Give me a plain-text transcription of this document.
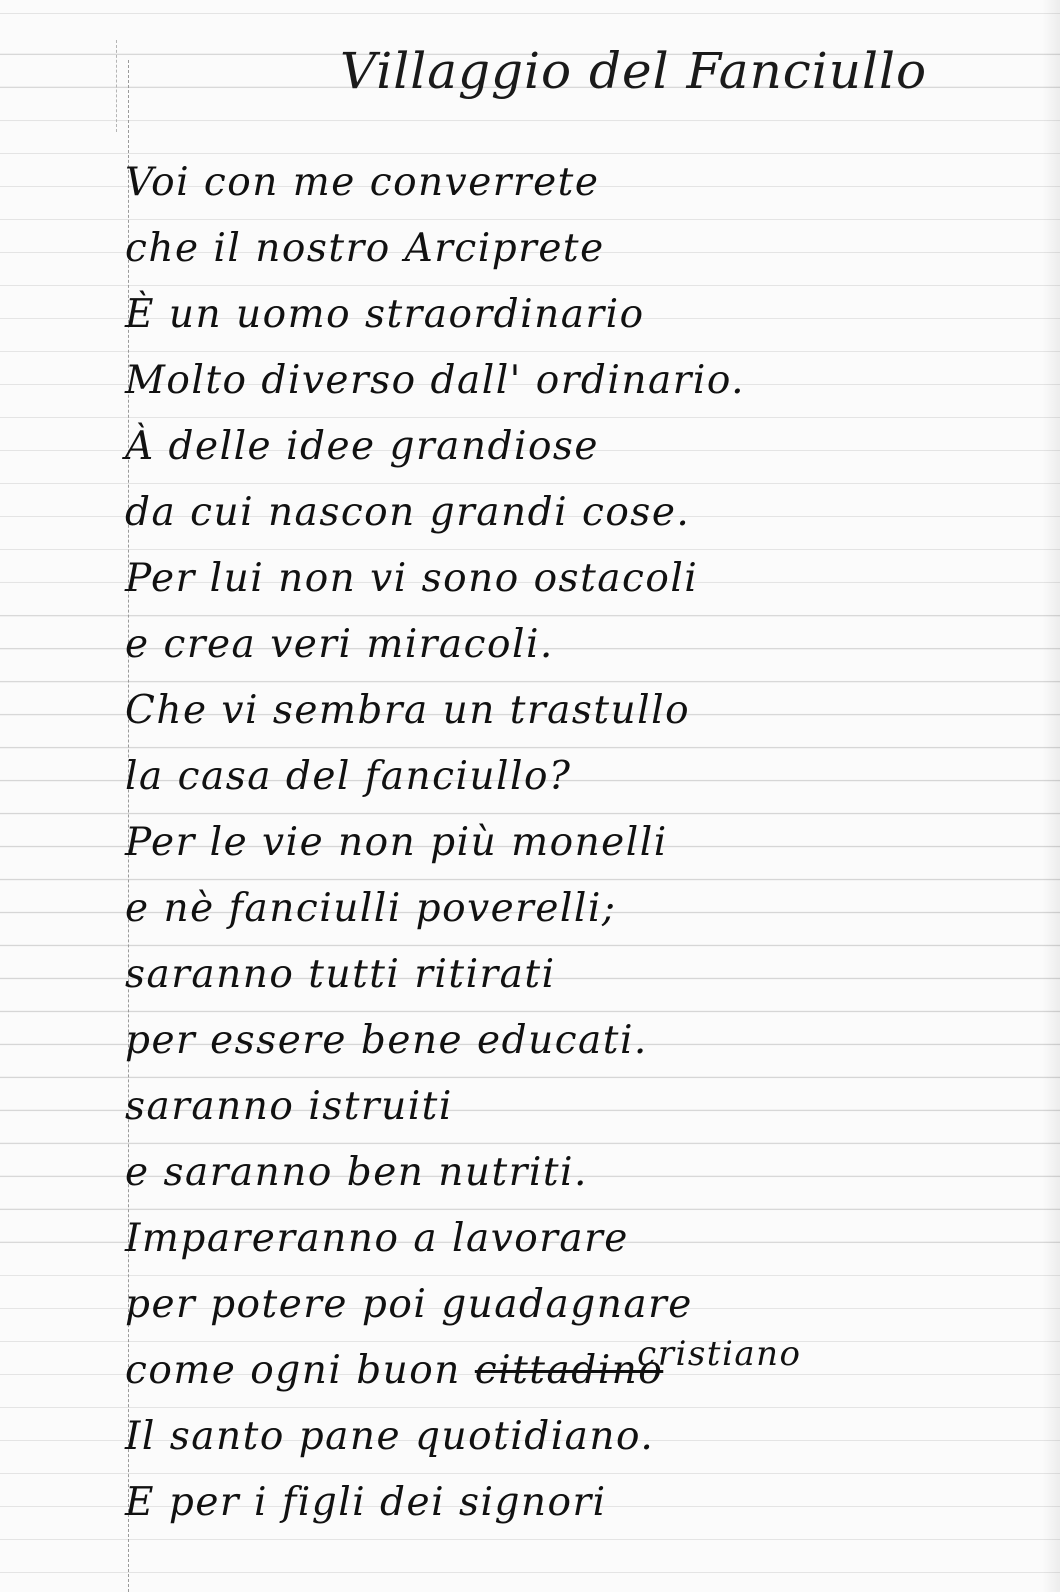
Villaggio del Fanciullo
Voi con me converrete
che il nostro Arciprete
È un uomo straordinario
Molto diverso dall' ordinario.
À delle idee grandiose
da cui nascon grandi cose.
Per lui non vi sono ostacoli
e crea veri miracoli.
Che vi sembra un trastullo
la casa del fanciullo?
Per le vie non più monelli
e nè fanciulli poverelli;
saranno tutti ritirati
per essere bene educati.
saranno istruiti
e saranno ben nutriti.
Impareranno a lavorare
per potere poi guadagnare
come ogni buon cittadino cristiano
Il santo pane quotidiano.
E per i figli dei signori
